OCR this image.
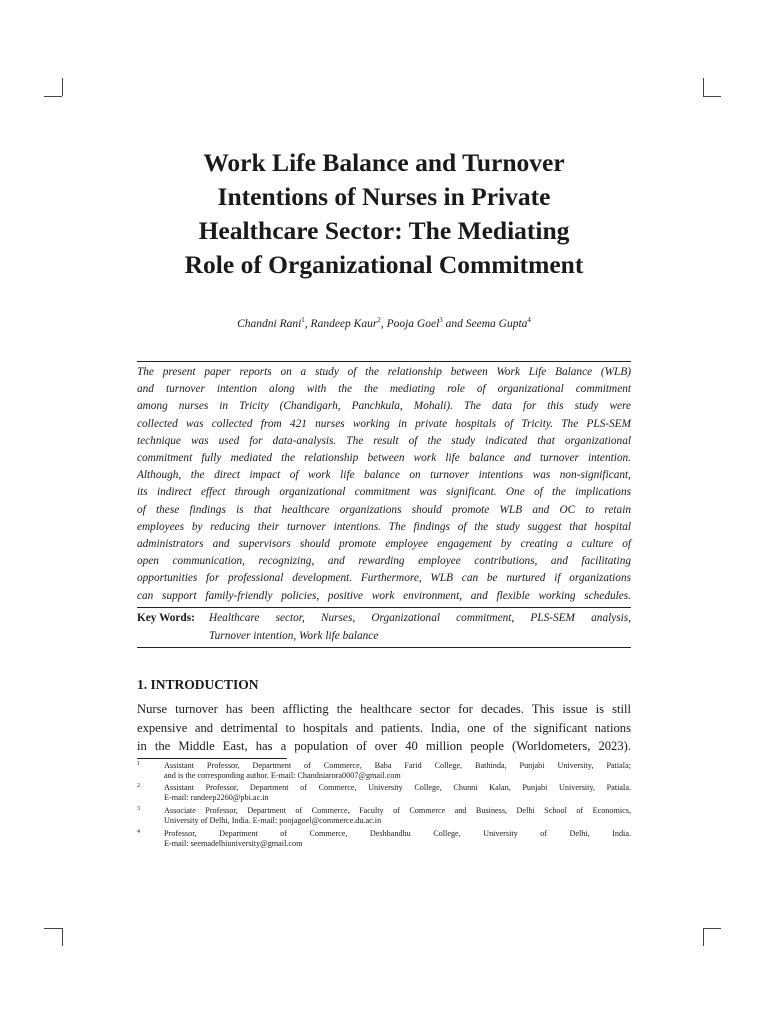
Work Life Balance and Turnover
Intentions of Nurses in Private
Healthcare Sector: The Mediating
Role of Organizational Commitment
Chandni Rani$^1$, Randeep Kaur$^2$, Pooja Goel$^3$ and Seema Gupta$^4$
The present paper reports on a study of the relationship between Work Life Balance (WLB)
and turnover intention along with the the mediating role of organizational commitment
among nurses in Tricity (Chandigarh, Panchkula, Mohali). The data for this study were
collected was collected from 421 nurses working in private hospitals of Tricity. The PLS-SEM
technique was used for data-analysis. The result of the study indicated that organizational
commitment fully mediated the relationship between work life balance and turnover intention.
Although, the direct impact of work life balance on turnover intentions was non-significant,
its indirect effect through organizational commitment was significant. One of the implications
of these findings is that healthcare organizations should promote WLB and OC to retain
employees by reducing their turnover intentions. The findings of the study suggest that hospital
administrators and supervisors should promote employee engagement by creating a culture of
open communication, recognizing, and rewarding employee contributions, and facilitating
opportunities for professional development. Furthermore, WLB can be nurtured if organizations
can support family-friendly policies, positive work environment, and flexible working schedules.
Key Words: Healthcare sector, Nurses, Organizational commitment, PLS-SEM analysis,
Turnover intention, Work life balance
1. INTRODUCTION
Nurse turnover has been afflicting the healthcare sector for decades. This issue is still
expensive and detrimental to hospitals and patients. India, one of the significant nations
in the Middle East, has a population of over 40 million people (Worldometers, 2023).
1	Assistant Professor, Department of Commerce, Baba Farid College, Bathinda, Punjabi University, Patiala;
and is the corresponding author. E-mail: Chandniarora0007@gmail.com
2	Assistant Professor, Department of Commerce, University College, Chunni Kalan, Punjabi University, Patiala.
E-mail: randeep2260@pbi.ac.in
3	Associate Professor, Department of Commerce, Faculty of Commerce and Business, Delhi School of Economics,
University of Delhi, India. E-mail: poojagoel@commerce.du.ac.in
4	Professor, Department of Commerce, Deshbandhu College, University of Delhi, India.
E-mail: seemadelhiuniversity@gmail.com
